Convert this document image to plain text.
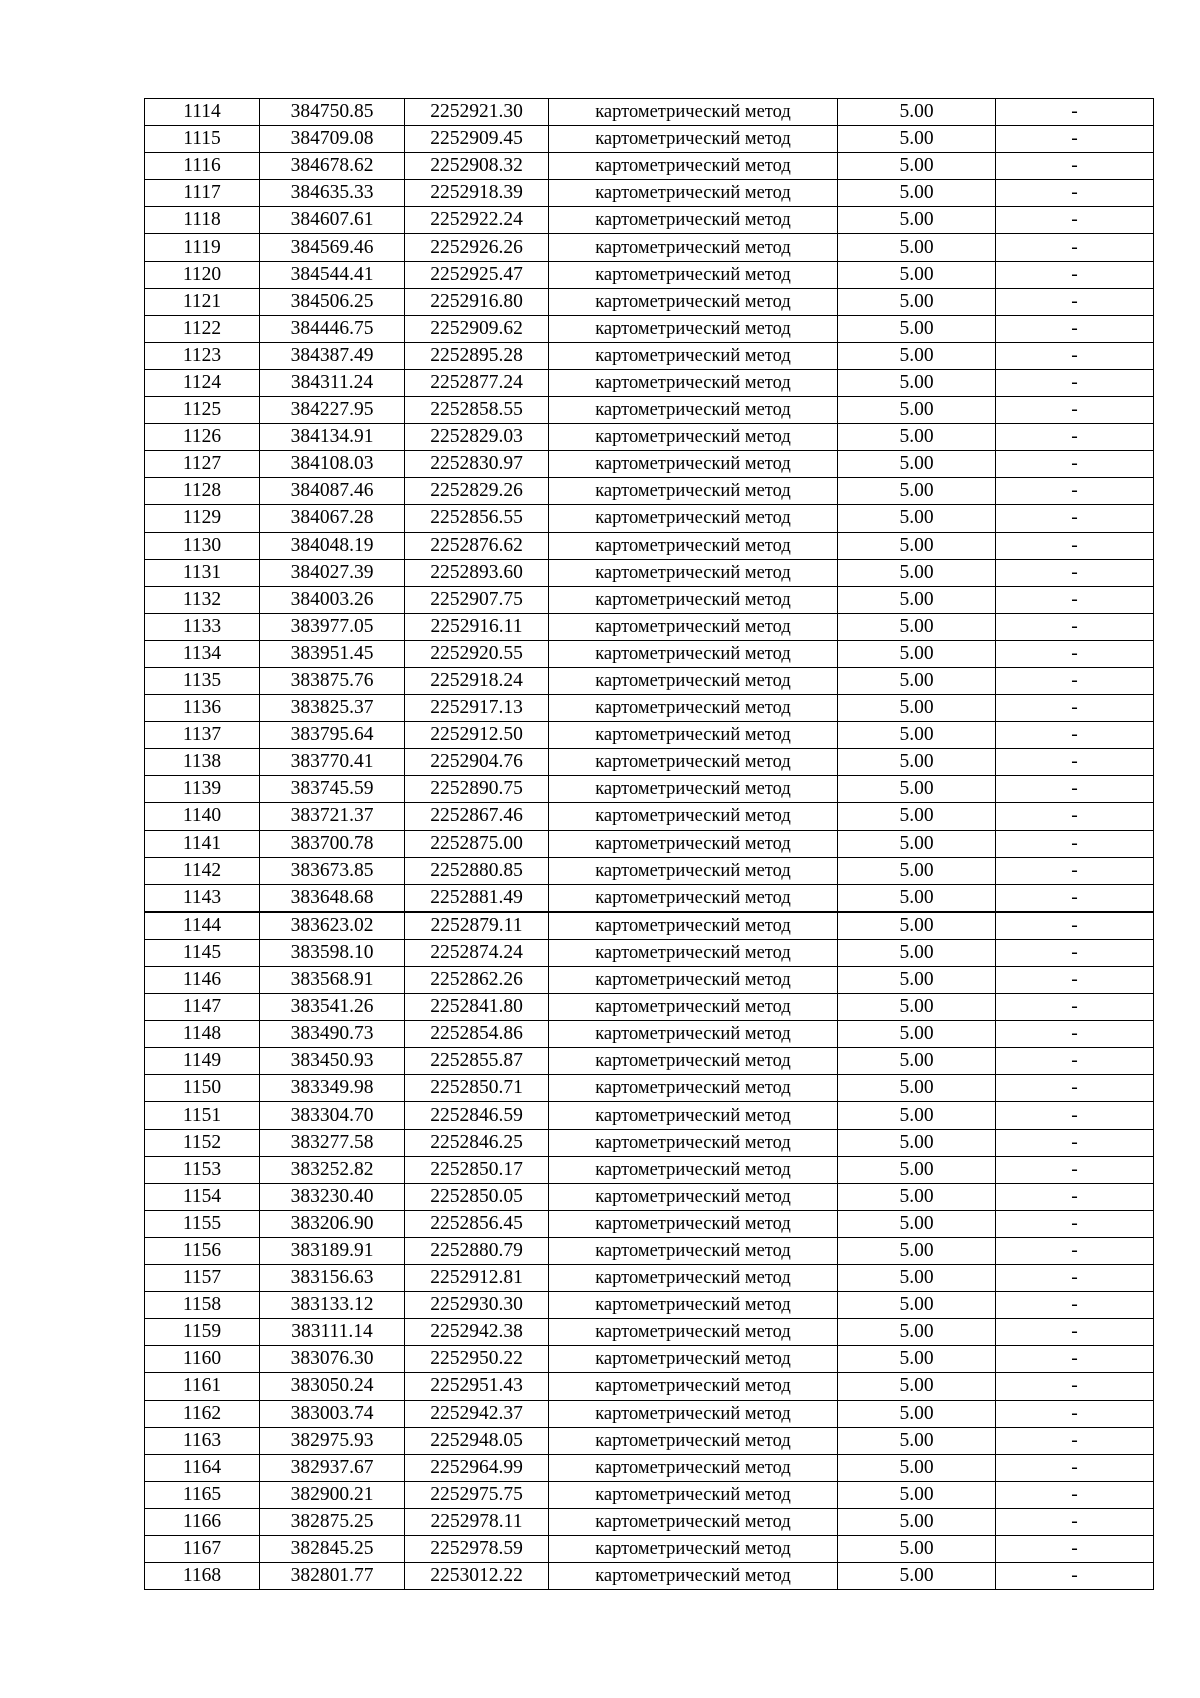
1114	384750.85	2252921.30	картометрический метод	5.00	-
1115	384709.08	2252909.45	картометрический метод	5.00	-
1116	384678.62	2252908.32	картометрический метод	5.00	-
1117	384635.33	2252918.39	картометрический метод	5.00	-
1118	384607.61	2252922.24	картометрический метод	5.00	-
1119	384569.46	2252926.26	картометрический метод	5.00	-
1120	384544.41	2252925.47	картометрический метод	5.00	-
1121	384506.25	2252916.80	картометрический метод	5.00	-
1122	384446.75	2252909.62	картометрический метод	5.00	-
1123	384387.49	2252895.28	картометрический метод	5.00	-
1124	384311.24	2252877.24	картометрический метод	5.00	-
1125	384227.95	2252858.55	картометрический метод	5.00	-
1126	384134.91	2252829.03	картометрический метод	5.00	-
1127	384108.03	2252830.97	картометрический метод	5.00	-
1128	384087.46	2252829.26	картометрический метод	5.00	-
1129	384067.28	2252856.55	картометрический метод	5.00	-
1130	384048.19	2252876.62	картометрический метод	5.00	-
1131	384027.39	2252893.60	картометрический метод	5.00	-
1132	384003.26	2252907.75	картометрический метод	5.00	-
1133	383977.05	2252916.11	картометрический метод	5.00	-
1134	383951.45	2252920.55	картометрический метод	5.00	-
1135	383875.76	2252918.24	картометрический метод	5.00	-
1136	383825.37	2252917.13	картометрический метод	5.00	-
1137	383795.64	2252912.50	картометрический метод	5.00	-
1138	383770.41	2252904.76	картометрический метод	5.00	-
1139	383745.59	2252890.75	картометрический метод	5.00	-
1140	383721.37	2252867.46	картометрический метод	5.00	-
1141	383700.78	2252875.00	картометрический метод	5.00	-
1142	383673.85	2252880.85	картометрический метод	5.00	-
1143	383648.68	2252881.49	картометрический метод	5.00	-
1144	383623.02	2252879.11	картометрический метод	5.00	-
1145	383598.10	2252874.24	картометрический метод	5.00	-
1146	383568.91	2252862.26	картометрический метод	5.00	-
1147	383541.26	2252841.80	картометрический метод	5.00	-
1148	383490.73	2252854.86	картометрический метод	5.00	-
1149	383450.93	2252855.87	картометрический метод	5.00	-
1150	383349.98	2252850.71	картометрический метод	5.00	-
1151	383304.70	2252846.59	картометрический метод	5.00	-
1152	383277.58	2252846.25	картометрический метод	5.00	-
1153	383252.82	2252850.17	картометрический метод	5.00	-
1154	383230.40	2252850.05	картометрический метод	5.00	-
1155	383206.90	2252856.45	картометрический метод	5.00	-
1156	383189.91	2252880.79	картометрический метод	5.00	-
1157	383156.63	2252912.81	картометрический метод	5.00	-
1158	383133.12	2252930.30	картометрический метод	5.00	-
1159	383111.14	2252942.38	картометрический метод	5.00	-
1160	383076.30	2252950.22	картометрический метод	5.00	-
1161	383050.24	2252951.43	картометрический метод	5.00	-
1162	383003.74	2252942.37	картометрический метод	5.00	-
1163	382975.93	2252948.05	картометрический метод	5.00	-
1164	382937.67	2252964.99	картометрический метод	5.00	-
1165	382900.21	2252975.75	картометрический метод	5.00	-
1166	382875.25	2252978.11	картометрический метод	5.00	-
1167	382845.25	2252978.59	картометрический метод	5.00	-
1168	382801.77	2253012.22	картометрический метод	5.00	-
